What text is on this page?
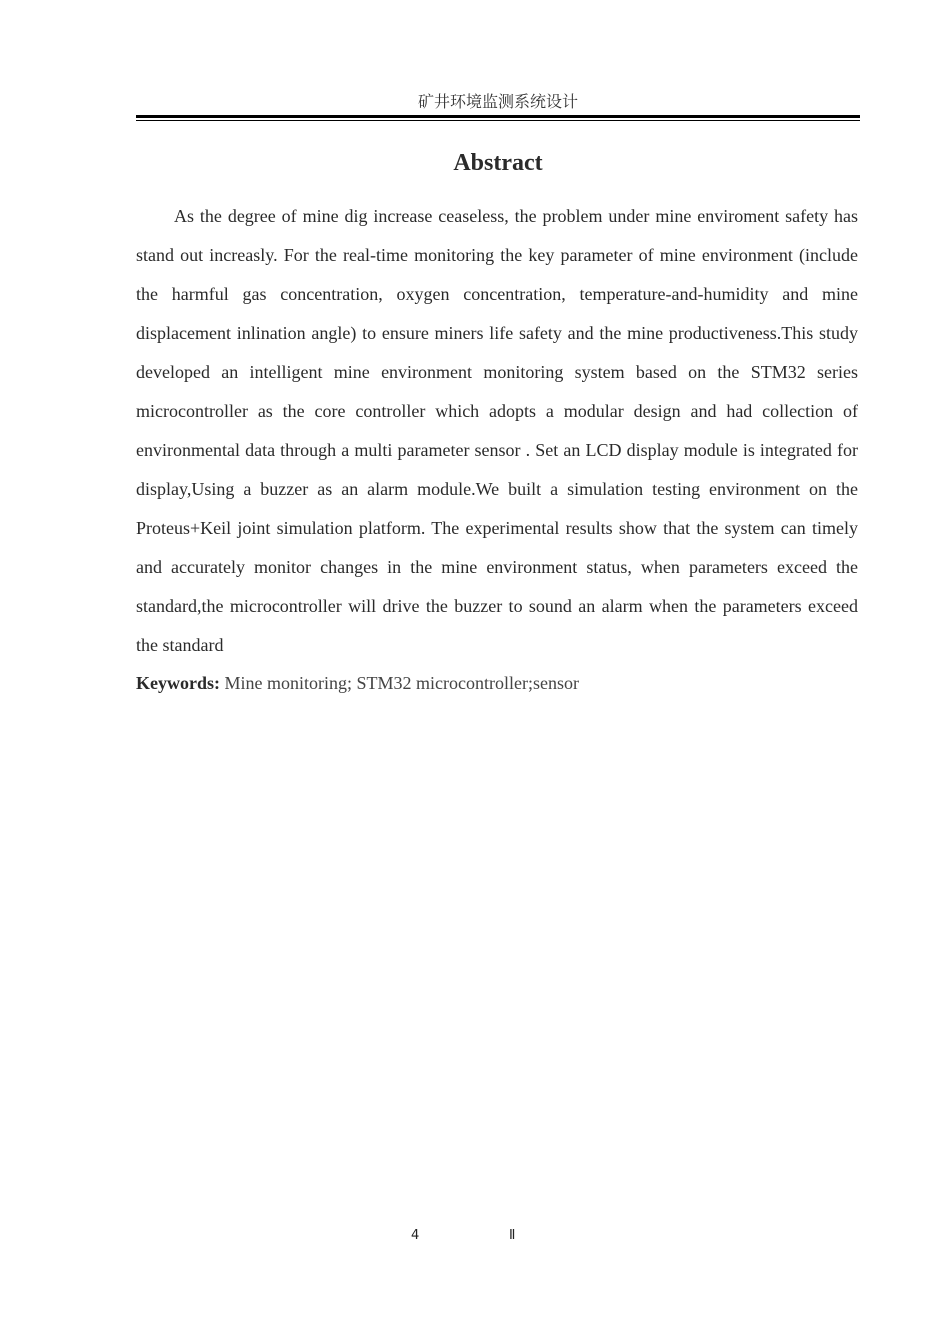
矿井环境监测系统设计
Abstract

As the degree of mine dig increase ceaseless, the problem under mine enviroment safety has stand out increasly. For the real-time monitoring the key parameter of mine environment (include the harmful gas concentration, oxygen concentration, temperature-and-humidity and mine displacement inlination angle) to ensure miners life safety and the mine productiveness.This study developed an intelligent mine environment monitoring system based on the STM32 series microcontroller as the core controller which adopts a modular design and had collection of environmental data through a multi parameter sensor . Set an LCD display module is integrated for display,Using a buzzer as an alarm module.We built a simulation testing environment on the Proteus+Keil joint simulation platform. The experimental results show that the system can timely and accurately monitor changes in the mine environment status, when parameters exceed the standard,the microcontroller will drive the buzzer to sound an alarm when the parameters exceed the standard

Keywords: Mine monitoring; STM32 microcontroller;sensor
4	Ⅱ
